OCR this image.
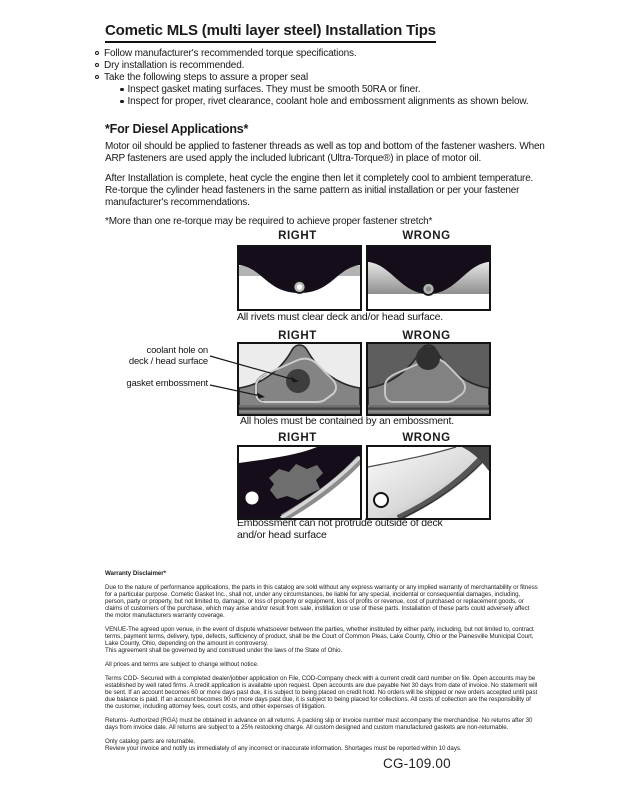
Cometic MLS (multi layer steel) Installation Tips
Follow manufacturer's recommended torque specifications.
Dry installation is recommended.
Take the following steps to assure a proper seal
Inspect gasket mating surfaces. They must be smooth 50RA or finer.
Inspect for proper, rivet clearance, coolant hole and embossment alignments as shown below.
*For Diesel Applications*

Motor oil should be applied to fastener threads as well as top and bottom of the fastener washers. When ARP fasteners are used apply the included lubricant (Ultra-Torque®) in place of motor oil.

After Installation is complete, heat cycle the engine then let it completely cool to ambient temperature. Re-torque the cylinder head fasteners in the same pattern as initial installation or per your fastener manufacturer's recommendations.

*More than one re-torque may be required to achieve proper fastener stretch*

RIGHT	WRONG
All rivets must clear deck and/or head surface.
RIGHT	WRONG
coolant hole on
deck / head surface
gasket embossment
All holes must be contained by an embossment.
RIGHT	WRONG
Embossment can not protrude outside of deck and/or head surface
Warranty Disclaimer*
Due to the nature of performance applications, the parts in this catalog are sold without any express warranty or any implied warranty of merchantability or fitness for a particular purpose. Cometic Gasket Inc., shall not, under any circumstances, be liable for any special, incidental or consequential damages, including, person, party or property, but not limited to, damage, or loss of property or equipment, loss of profits or revenue, cost of purchased or replacement goods, or claims of customers of the purchase, which may arise and/or result from sale, instillation or use of these parts. Installation of these parts could adversely affect the motor manufacturers warranty coverage.
VENUE-The agreed upon venue, in the event of dispute whatsoever between the parties, whether instituted by either party, including, but not limited to, contract terms, payment terms, delivery, type, defects, sufficiency of product, shall be the Court of Common Pleas, Lake County, Ohio or the Painesville Municipal Court, Lake County, Ohio, depending on the amount in controversy.
This agreement shall be governed by and construed under the laws of the State of Ohio.
All prices and terms are subject to change without notice.
Terms COD- Secured with a completed dealer/jobber application on File, COD-Company check with a current credit card number on file. Open accounts may be established by well rated firms. A credit application is available upon request. Open accounts are due payable Net 30 days from date of invoice. No statement will be sent. If an account becomes 60 or more days past due, it is subject to being placed on credit hold. No orders will be shipped or new orders accepted until past due balance is paid. If an account becomes 90 or more days past due, it is subject to being placed for collections. All costs of collection are the responsibility of the customer, including attorney fees, court costs, and other expenses of litigation.
Returns- Authorized (RGA) must be obtained in advance on all returns. A packing slip or invoice number must accompany the merchandise. No returns after 30 days from invoice date. All returns are subject to a 25% restocking charge. All custom designed and custom manufactured gaskets are non-returnable.
Only catalog parts are returnable.
Review your invoice and notify us immediately of any incorrect or inaccurate information. Shortages must be reported within 10 days.
CG-109.00
